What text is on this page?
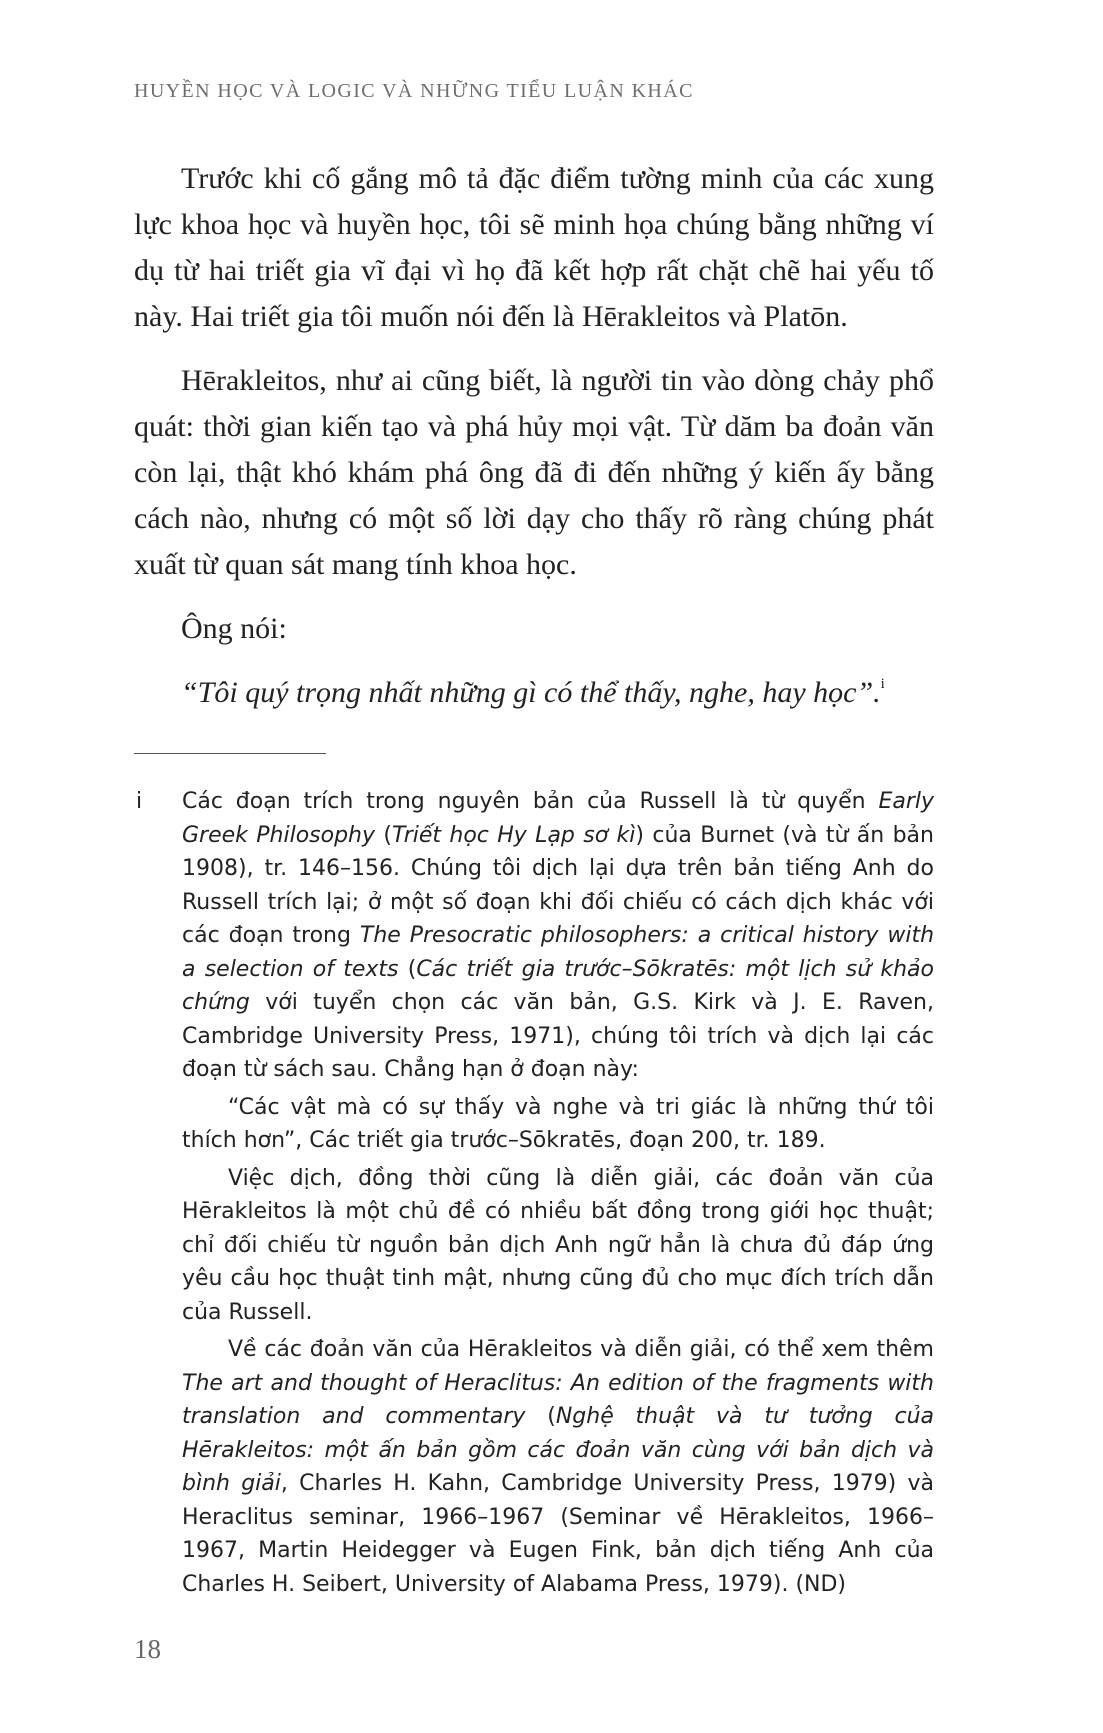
HUYỀN HỌC VÀ LOGIC VÀ NHỮNG TIỂU LUẬN KHÁC

Trước khi cố gắng mô tả đặc điểm tường minh của các xung lực khoa học và huyền học, tôi sẽ minh họa chúng bằng những ví dụ từ hai triết gia vĩ đại vì họ đã kết hợp rất chặt chẽ hai yếu tố này. Hai triết gia tôi muốn nói đến là Hērakleitos và Platōn.

Hērakleitos, như ai cũng biết, là người tin vào dòng chảy phổ quát: thời gian kiến tạo và phá hủy mọi vật. Từ dăm ba đoản văn còn lại, thật khó khám phá ông đã đi đến những ý kiến ấy bằng cách nào, nhưng có một số lời dạy cho thấy rõ ràng chúng phát xuất từ quan sát mang tính khoa học.

Ông nói:

“Tôi quý trọng nhất những gì có thể thấy, nghe, hay học”.$^i$

i Các đoạn trích trong nguyên bản của Russell là từ quyển Early Greek Philosophy (Triết học Hy Lạp sơ kì) của Burnet (và từ ấn bản 1908), tr. 146–156. Chúng tôi dịch lại dựa trên bản tiếng Anh do Russell trích lại; ở một số đoạn khi đối chiếu có cách dịch khác với các đoạn trong The Presocratic philosophers: a critical history with a selection of texts (Các triết gia trước–Sōkratēs: một lịch sử khảo chứng với tuyển chọn các văn bản, G.S. Kirk và J. E. Raven, Cambridge University Press, 1971), chúng tôi trích và dịch lại các đoạn từ sách sau. Chẳng hạn ở đoạn này:

“Các vật mà có sự thấy và nghe và tri giác là những thứ tôi thích hơn”, Các triết gia trước–Sōkratēs, đoạn 200, tr. 189.

Việc dịch, đồng thời cũng là diễn giải, các đoản văn của Hērakleitos là một chủ đề có nhiều bất đồng trong giới học thuật; chỉ đối chiếu từ nguồn bản dịch Anh ngữ hẳn là chưa đủ đáp ứng yêu cầu học thuật tinh mật, nhưng cũng đủ cho mục đích trích dẫn của Russell.

Về các đoản văn của Hērakleitos và diễn giải, có thể xem thêm The art and thought of Heraclitus: An edition of the fragments with translation and commentary (Nghệ thuật và tư tưởng của Hērakleitos: một ấn bản gồm các đoản văn cùng với bản dịch và bình giải, Charles H. Kahn, Cambridge University Press, 1979) và Heraclitus seminar, 1966–1967 (Seminar về Hērakleitos, 1966–1967, Martin Heidegger và Eugen Fink, bản dịch tiếng Anh của Charles H. Seibert, University of Alabama Press, 1979). (ND)

18
